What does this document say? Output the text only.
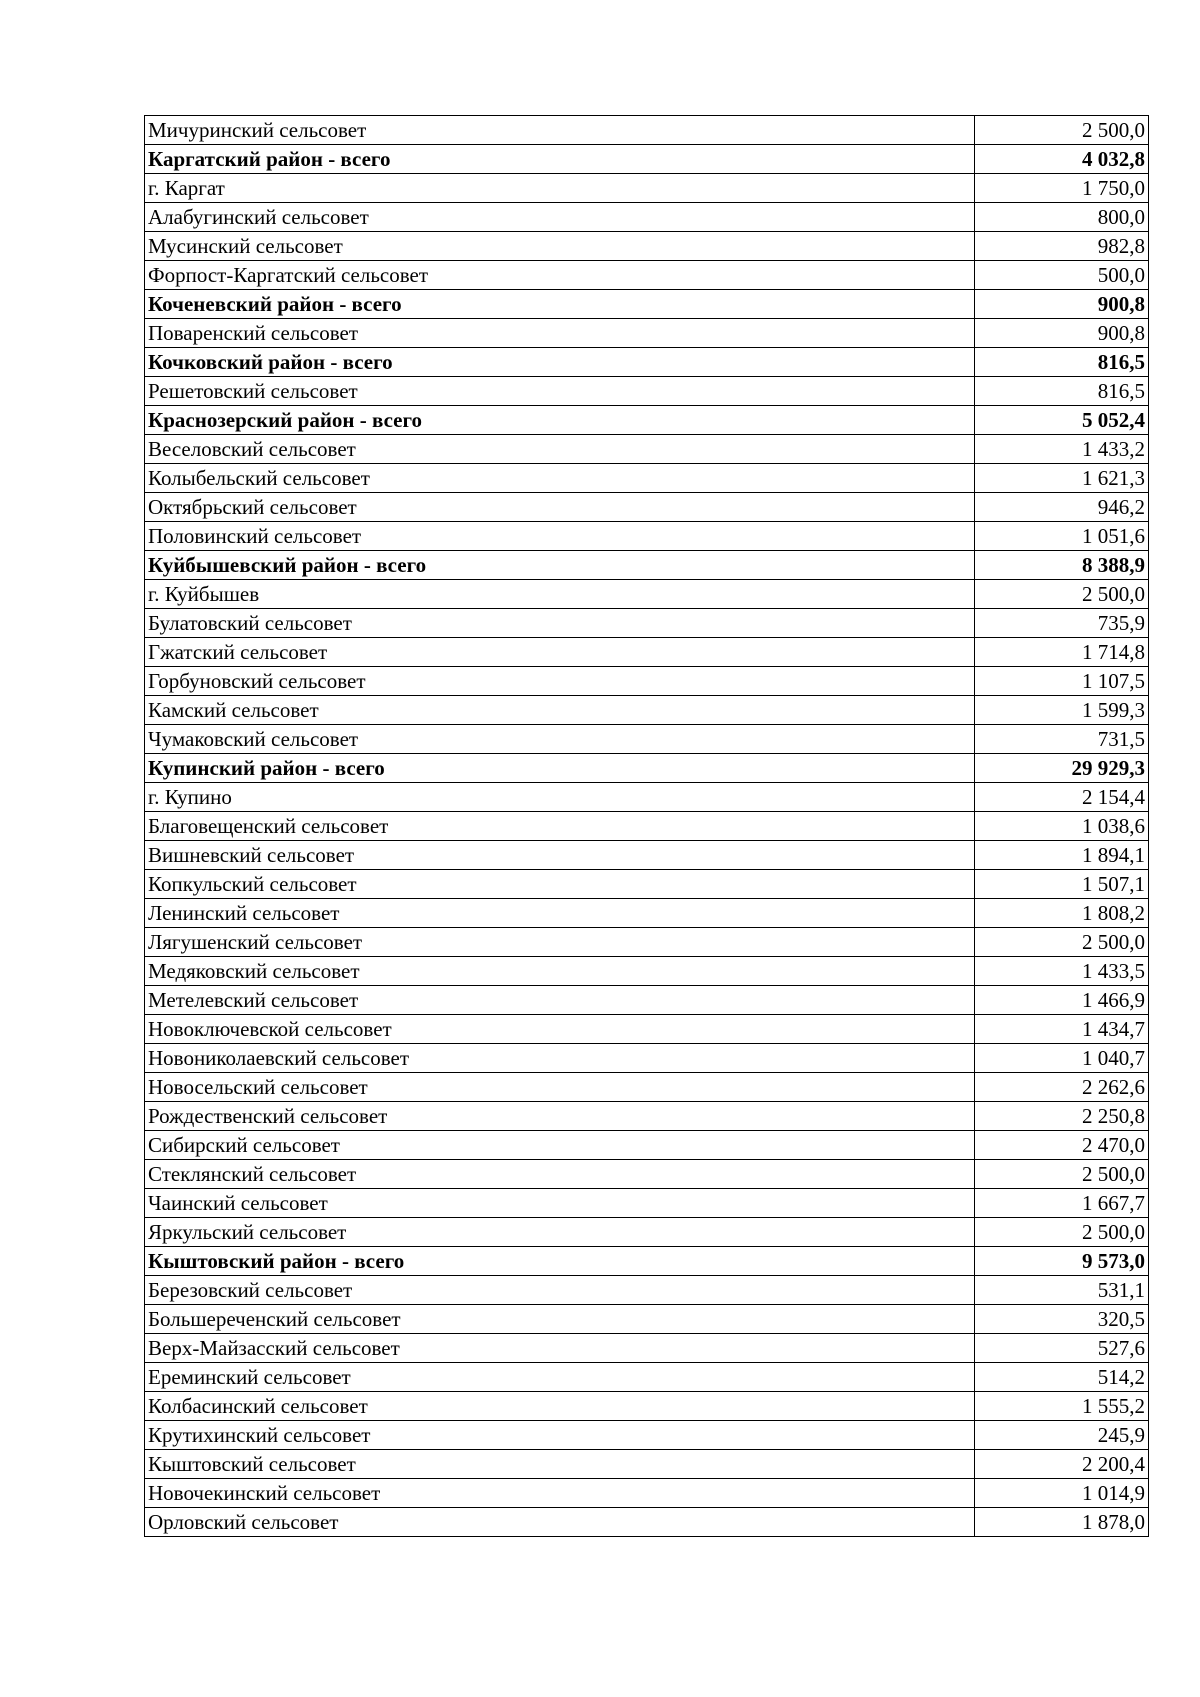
Мичуринский сельсовет	2 500,0
Каргатский район - всего	4 032,8
г. Каргат	1 750,0
Алабугинский сельсовет	800,0
Мусинский сельсовет	982,8
Форпост-Каргатский сельсовет	500,0
Коченевский район - всего	900,8
Поваренский сельсовет	900,8
Кочковский район - всего	816,5
Решетовский сельсовет	816,5
Краснозерский район - всего	5 052,4
Веселовский сельсовет	1 433,2
Колыбельский сельсовет	1 621,3
Октябрьский сельсовет	946,2
Половинский сельсовет	1 051,6
Куйбышевский район - всего	8 388,9
г. Куйбышев	2 500,0
Булатовский сельсовет	735,9
Гжатский сельсовет	1 714,8
Горбуновский сельсовет	1 107,5
Камский сельсовет	1 599,3
Чумаковский сельсовет	731,5
Купинский район - всего	29 929,3
г. Купино	2 154,4
Благовещенский сельсовет	1 038,6
Вишневский сельсовет	1 894,1
Копкульский сельсовет	1 507,1
Ленинский сельсовет	1 808,2
Лягушенский сельсовет	2 500,0
Медяковский сельсовет	1 433,5
Метелевский сельсовет	1 466,9
Новоключевской сельсовет	1 434,7
Новониколаевский сельсовет	1 040,7
Новосельский сельсовет	2 262,6
Рождественский сельсовет	2 250,8
Сибирский сельсовет	2 470,0
Стеклянский сельсовет	2 500,0
Чаинский сельсовет	1 667,7
Яркульский сельсовет	2 500,0
Кыштовский район - всего	9 573,0
Березовский сельсовет	531,1
Большереченский сельсовет	320,5
Верх-Майзасский сельсовет	527,6
Ереминский сельсовет	514,2
Колбасинский сельсовет	1 555,2
Крутихинский сельсовет	245,9
Кыштовский сельсовет	2 200,4
Новочекинский сельсовет	1 014,9
Орловский сельсовет	1 878,0
